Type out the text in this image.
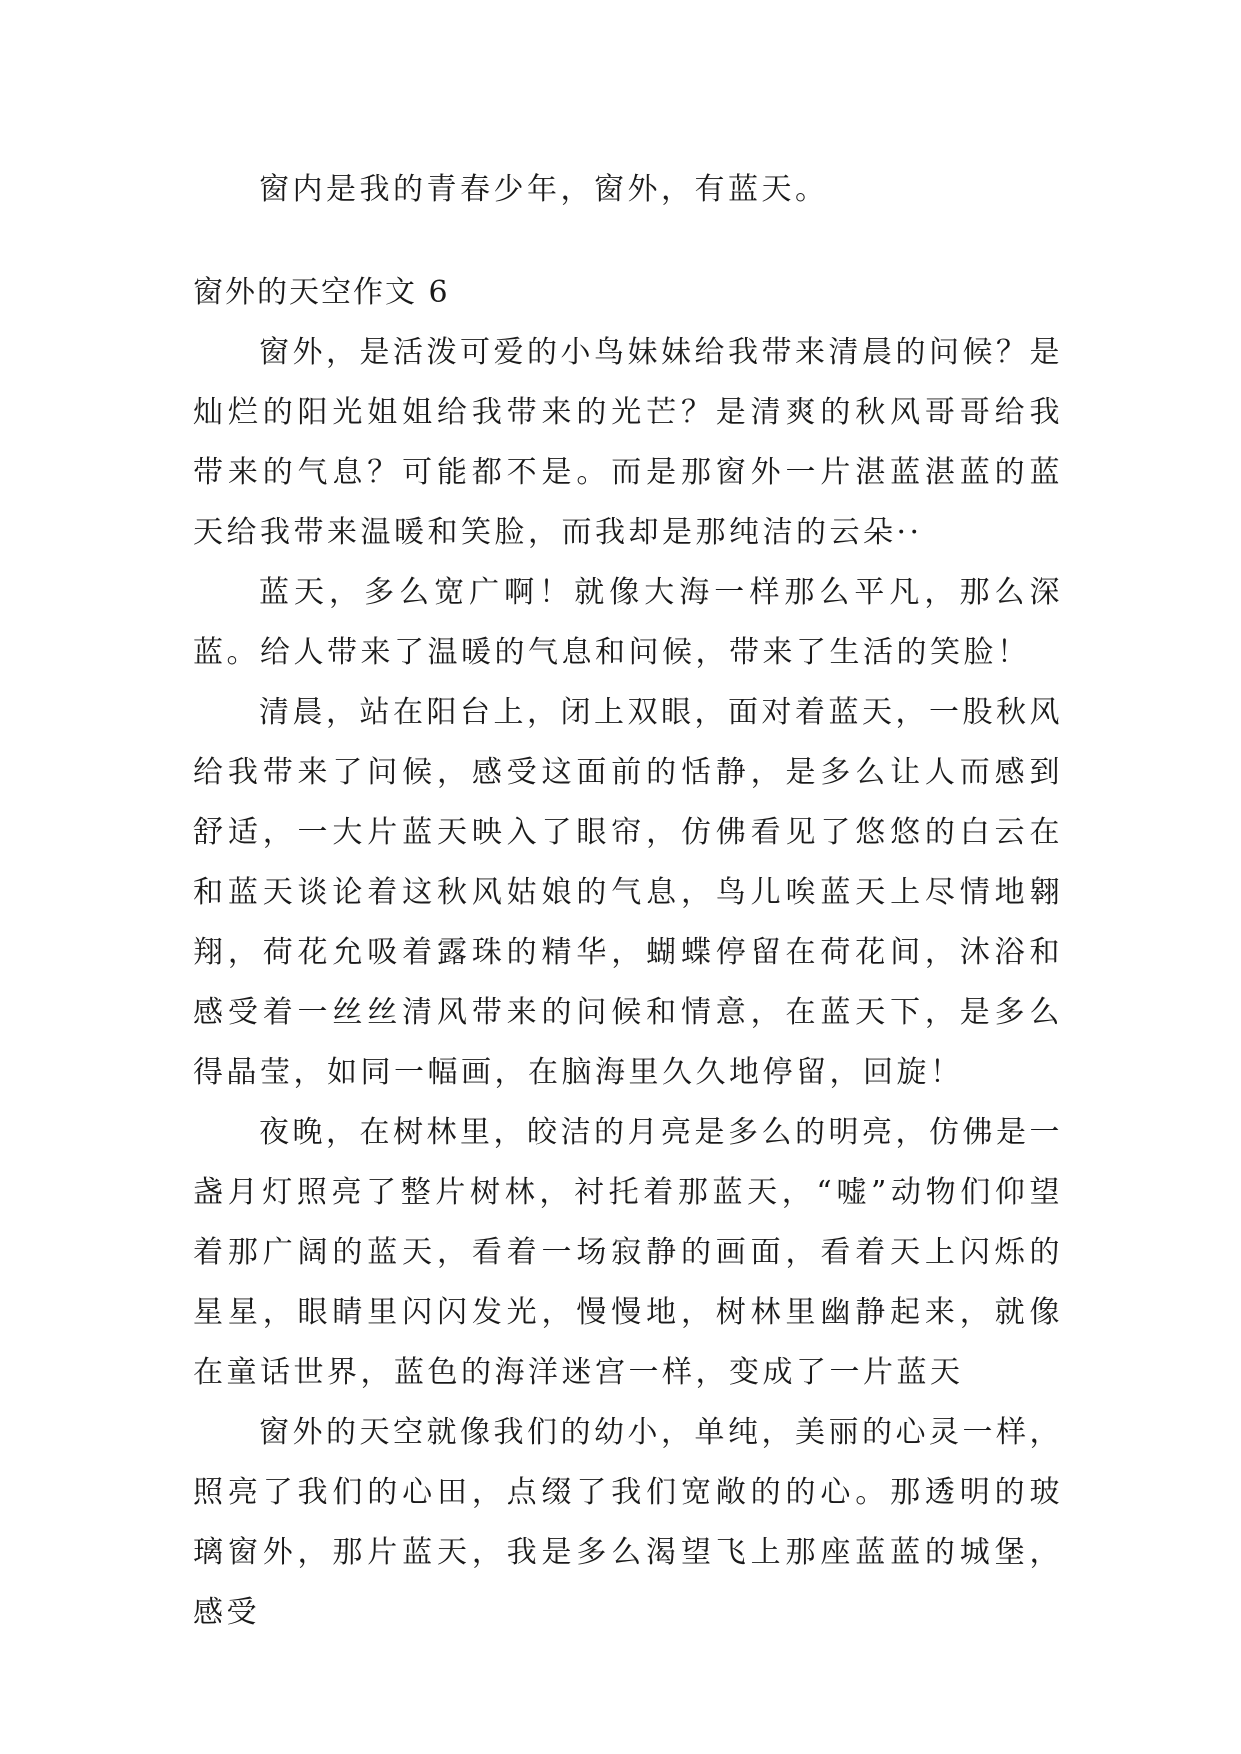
窗内是我的青春少年，窗外，有蓝天。

窗外的天空作文 6

窗外，是活泼可爱的小鸟妹妹给我带来清晨的问候？是灿烂的阳光姐姐给我带来的光芒？是清爽的秋风哥哥给我带来的气息？可能都不是。而是那窗外一片湛蓝湛蓝的蓝天给我带来温暖和笑脸，而我却是那纯洁的云朵··

蓝天，多么宽广啊！就像大海一样那么平凡，那么深蓝。给人带来了温暖的气息和问候，带来了生活的笑脸！

清晨，站在阳台上，闭上双眼，面对着蓝天，一股秋风给我带来了问候，感受这面前的恬静，是多么让人而感到舒适，一大片蓝天映入了眼帘，仿佛看见了悠悠的白云在和蓝天谈论着这秋风姑娘的气息，鸟儿唉蓝天上尽情地翱翔，荷花允吸着露珠的精华，蝴蝶停留在荷花间，沐浴和感受着一丝丝清风带来的问候和情意，在蓝天下，是多么得晶莹，如同一幅画，在脑海里久久地停留，回旋！

夜晚，在树林里，皎洁的月亮是多么的明亮，仿佛是一盏月灯照亮了整片树林，衬托着那蓝天，“嘘”动物们仰望着那广阔的蓝天，看着一场寂静的画面，看着天上闪烁的星星，眼睛里闪闪发光，慢慢地，树林里幽静起来，就像在童话世界，蓝色的海洋迷宫一样，变成了一片蓝天

窗外的天空就像我们的幼小，单纯，美丽的心灵一样，照亮了我们的心田，点缀了我们宽敞的的心。那透明的玻璃窗外，那片蓝天，我是多么渴望飞上那座蓝蓝的城堡，感受
